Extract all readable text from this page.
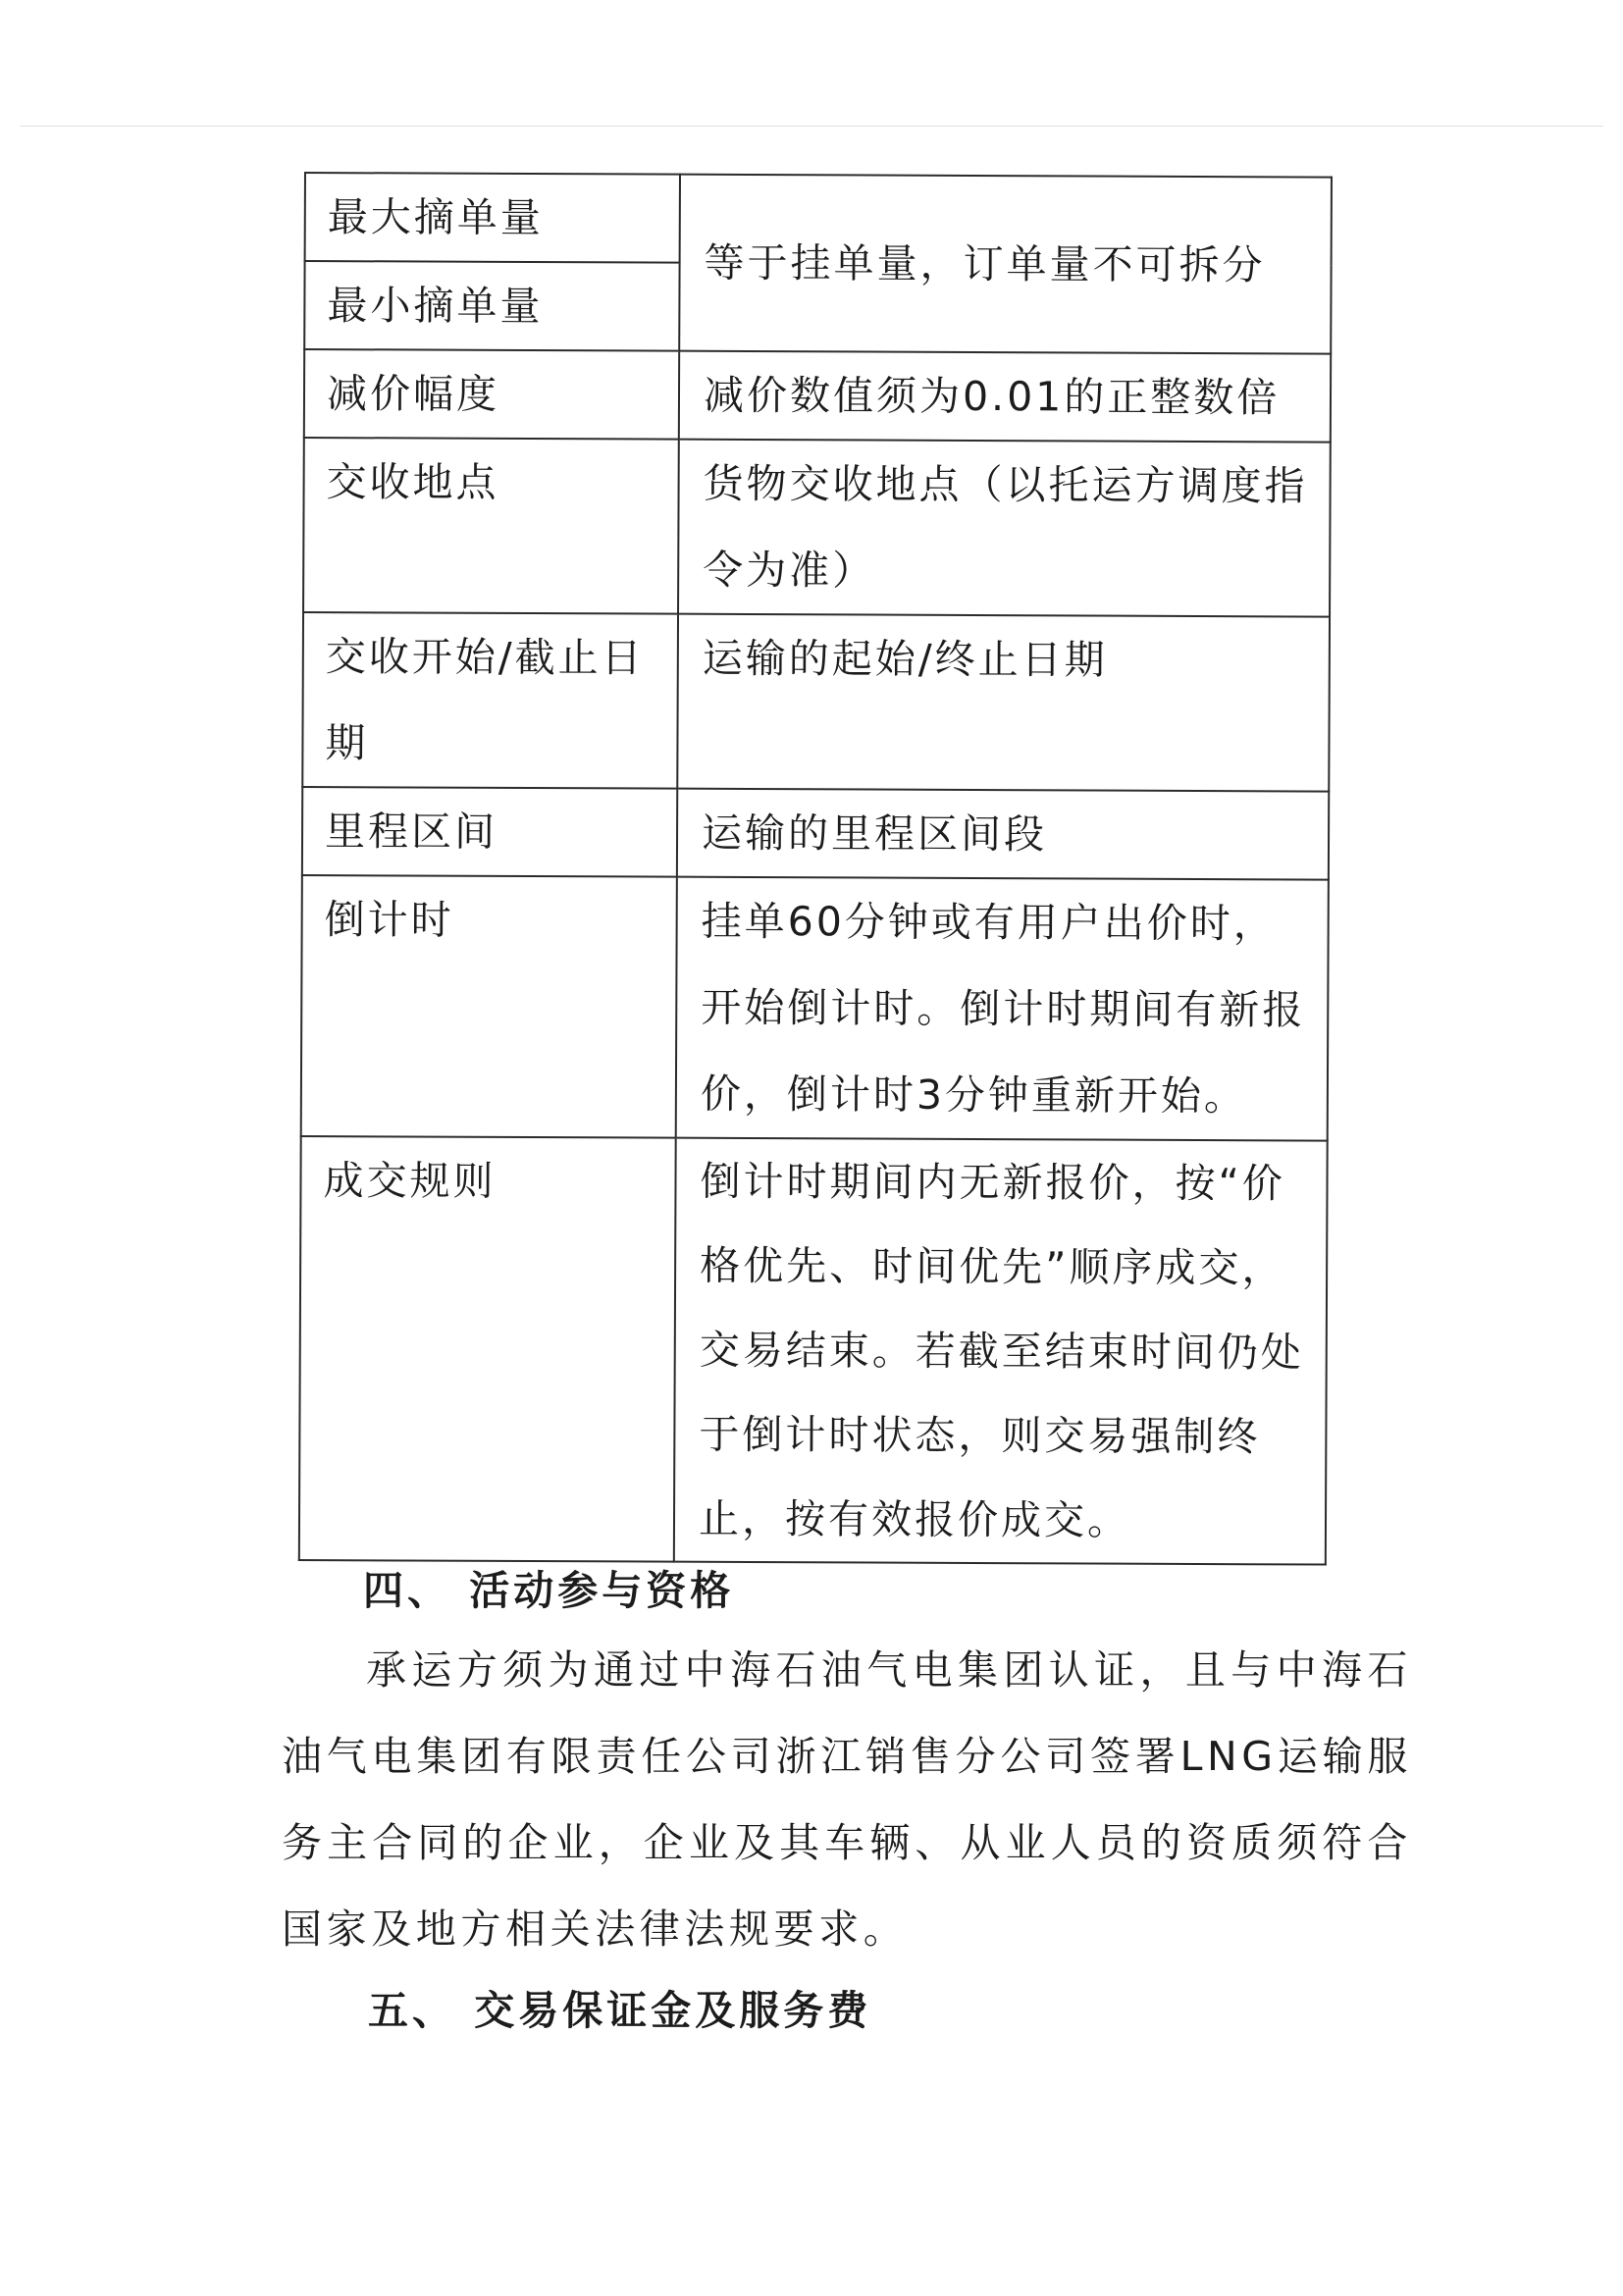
最大摘单量	等于挂单量，订单量不可拆分
最小摘单量	
减价幅度	减价数值须为0.01的正整数倍
交收地点	货物交收地点（以托运方调度指令为准）
交收开始/截止日期	运输的起始/终止日期
里程区间	运输的里程区间段
倒计时	挂单60分钟或有用户出价时，开始倒计时。倒计时期间有新报价，倒计时3分钟重新开始。
成交规则	倒计时期间内无新报价，按“价格优先、时间优先”顺序成交，交易结束。若截至结束时间仍处于倒计时状态，则交易强制终止，按有效报价成交。
四、 活动参与资格

承运方须为通过中海石油气电集团认证，且与中海石油气电集团有限责任公司浙江销售分公司签署LNG运输服务主合同的企业，企业及其车辆、从业人员的资质须符合国家及地方相关法律法规要求。

五、 交易保证金及服务费
